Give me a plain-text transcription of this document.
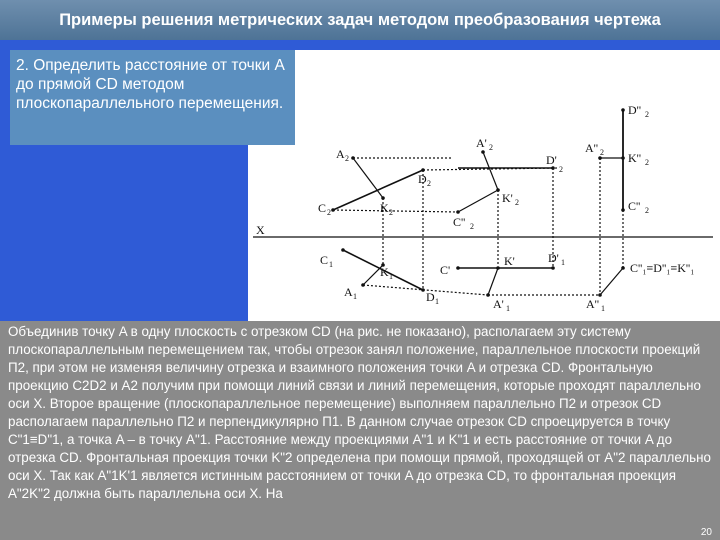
Примеры решения метрических задач методом преобразования чертежа
2. Определить расстояние от точки A до прямой CD методом плоскопараллельного перемещения.
X
A 2
D 2
C 2	K 2
A' 2
D'
2
K' 2
C'' 2
D'' 2
A'' 2 K'' 2
C'' 2
C 1
K 1
A 1	D 1
C'
K'	D' 1
A' 1	A'' 1
C''₁≡D''₁≡K''₁

Объединив точку A в одну плоскость с отрезком CD (на рис. не показано), располагаем эту систему плоскопараллельным перемещением так, чтобы отрезок занял положение, параллельное плоскости проекций П2, при этом не изменяя величину отрезка и взаимного положения точки A и отрезка CD. Фронтальную проекцию C2D2 и A2 получим при помощи линий связи и линий перемещения, которые проходят параллельно оси X. Второе вращение (плоскопараллельное перемещение) выполняем параллельно П2 и отрезок CD располагаем параллельно П2 и перпендикулярно П1. В данном случае отрезок CD спроецируется в точку C"1≡D"1, а точка A – в точку A"1. Расстояние между проекциями A"1 и K"1 и есть расстояние от точки A до отрезка CD. Фронтальная проекция точки K"2 определена при помощи прямой, проходящей от A"2 параллельно оси X. Так как A"1K'1 является истинным расстоянием от точки A до отрезка CD, то фронтальная проекция A"2K"2 должна быть параллельна оси X. На

20
